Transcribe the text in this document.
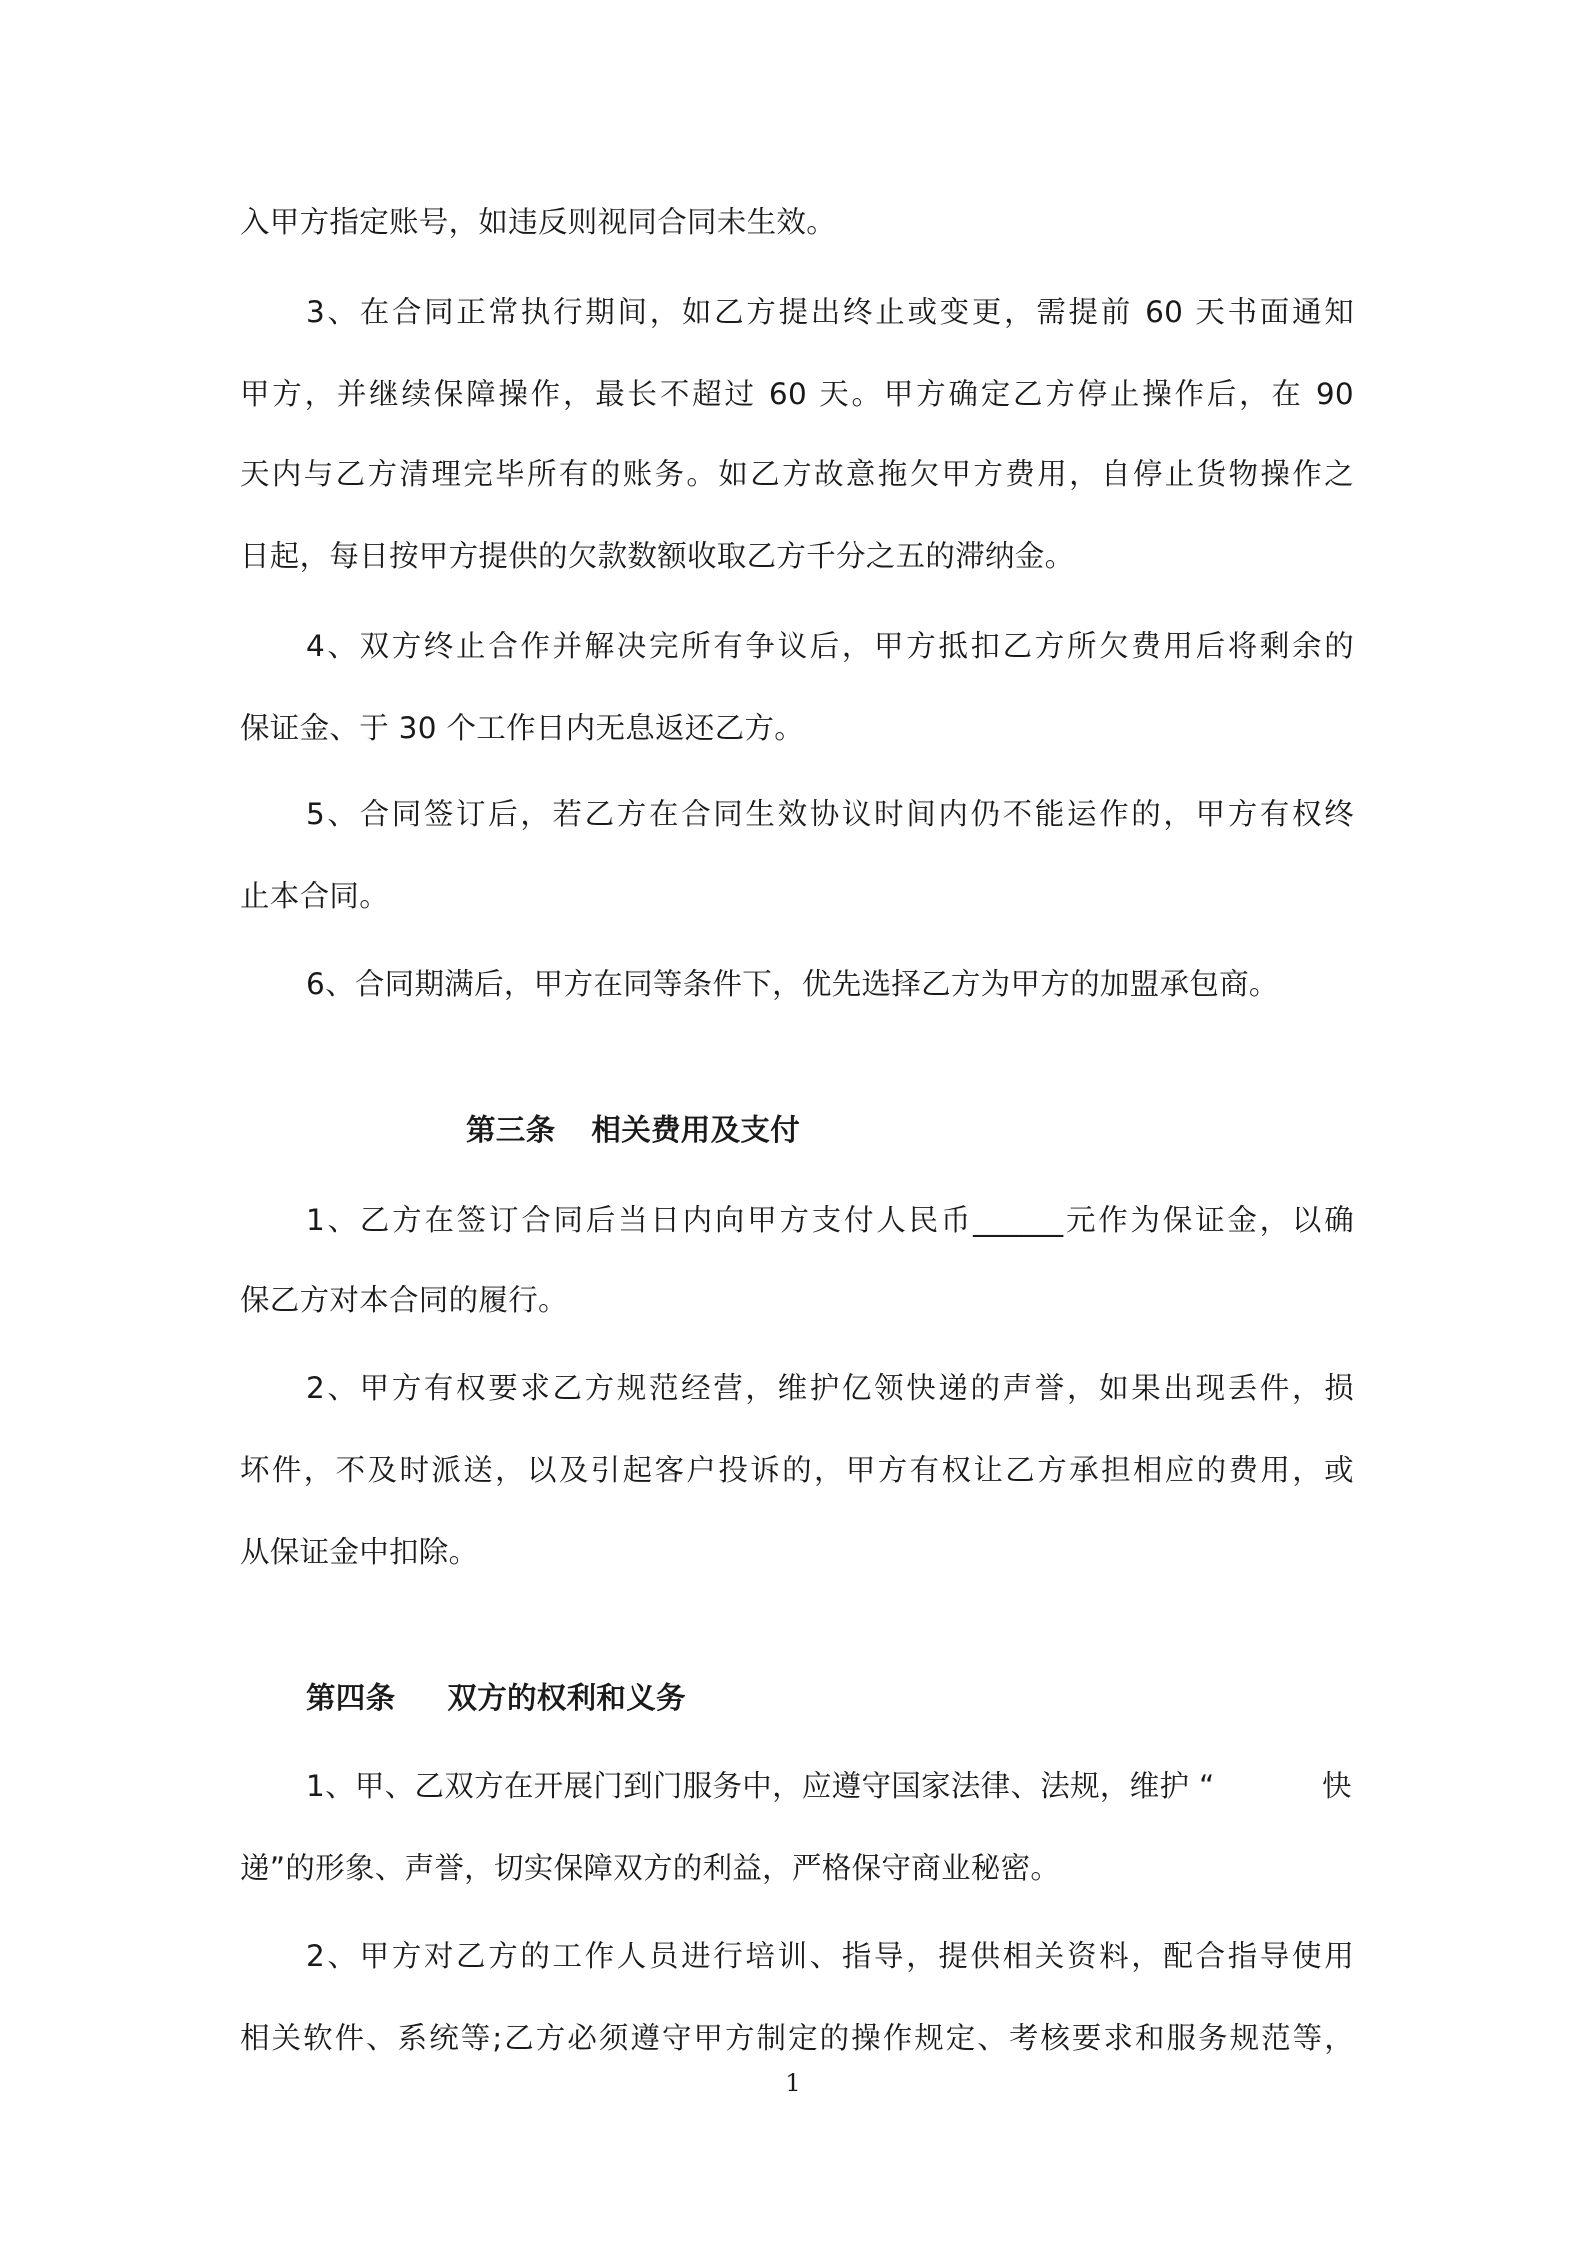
入甲方指定账号，如违反则视同合同未生效。
3、在合同正常执行期间，如乙方提出终止或变更，需提前 60 天书面通知
甲方，并继续保障操作，最长不超过 60 天。甲方确定乙方停止操作后，在 90
天内与乙方清理完毕所有的账务。如乙方故意拖欠甲方费用，自停止货物操作之
日起，每日按甲方提供的欠款数额收取乙方千分之五的滞纳金。
4、双方终止合作并解决完所有争议后，甲方抵扣乙方所欠费用后将剩余的
保证金、于 30 个工作日内无息返还乙方。
5、合同签订后，若乙方在合同生效协议时间内仍不能运作的，甲方有权终
止本合同。
6、合同期满后，甲方在同等条件下，优先选择乙方为甲方的加盟承包商。
第三条 相关费用及支付
1、乙方在签订合同后当日内向甲方支付人民币______元作为保证金，以确
保乙方对本合同的履行。
2、甲方有权要求乙方规范经营，维护亿领快递的声誉，如果出现丢件，损
坏件，不及时派送，以及引起客户投诉的，甲方有权让乙方承担相应的费用，或
从保证金中扣除。
第四条 双方的权利和义务
1、甲、乙双方在开展门到门服务中，应遵守国家法律、法规，维护 “	快
递”的形象、声誉，切实保障双方的利益，严格保守商业秘密。
2、甲方对乙方的工作人员进行培训、指导，提供相关资料，配合指导使用
相关软件、系统等;乙方必须遵守甲方制定的操作规定、考核要求和服务规范等，
1
